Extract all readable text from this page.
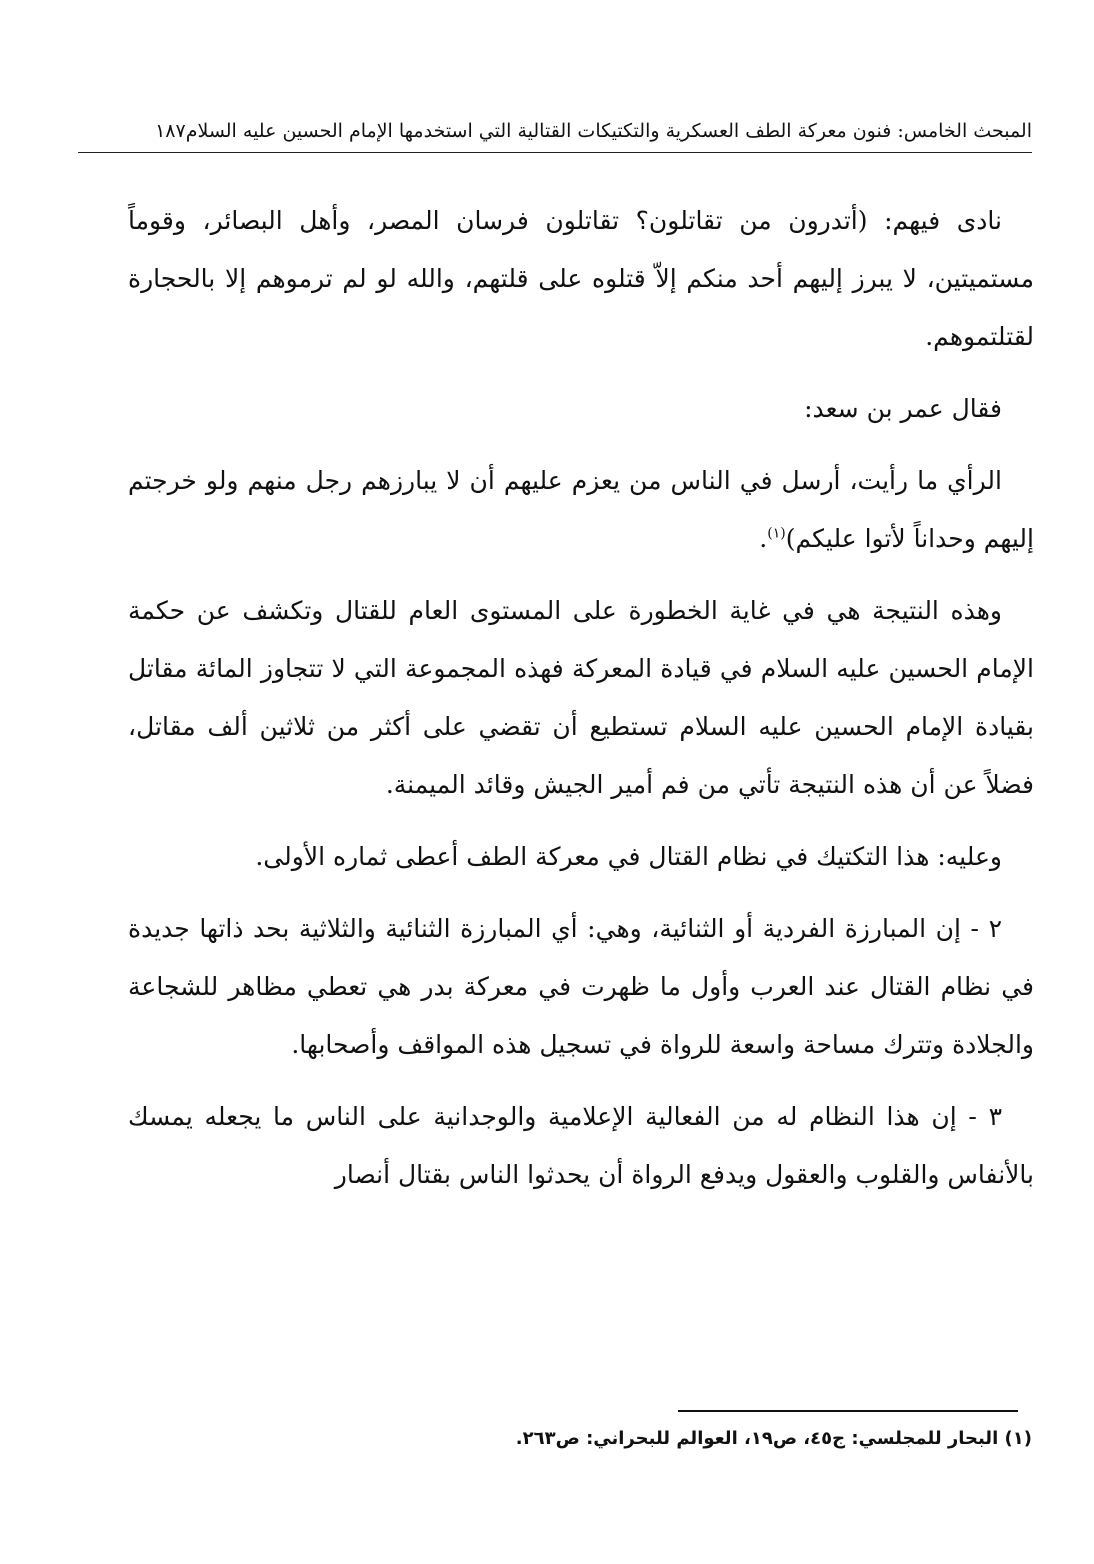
المبحث الخامس: فنون معركة الطف العسكرية والتكتيكات القتالية التي استخدمها الإمام الحسين عليه السلام١٨٧

نادى فيهم: (أتدرون من تقاتلون؟ تقاتلون فرسان المصر، وأهل البصائر، وقوماً مستميتين، لا يبرز إليهم أحد منكم إلاّ قتلوه على قلتهم، والله لو لم ترموهم إلا بالحجارة لقتلتموهم.

فقال عمر بن سعد:

الرأي ما رأيت، أرسل في الناس من يعزم عليهم أن لا يبارزهم رجل منهم ولو خرجتم إليهم وحداناً لأتوا عليكم)$^{(١)}$.

وهذه النتيجة هي في غاية الخطورة على المستوى العام للقتال وتكشف عن حكمة الإمام الحسين عليه السلام في قيادة المعركة فهذه المجموعة التي لا تتجاوز المائة مقاتل بقيادة الإمام الحسين عليه السلام تستطيع أن تقضي على أكثر من ثلاثين ألف مقاتل، فضلاً عن أن هذه النتيجة تأتي من فم أمير الجيش وقائد الميمنة.

وعليه: هذا التكتيك في نظام القتال في معركة الطف أعطى ثماره الأولى.

٢ - إن المبارزة الفردية أو الثنائية، وهي: أي المبارزة الثنائية والثلاثية بحد ذاتها جديدة في نظام القتال عند العرب وأول ما ظهرت في معركة بدر هي تعطي مظاهر للشجاعة والجلادة وتترك مساحة واسعة للرواة في تسجيل هذه المواقف وأصحابها.

٣ - إن هذا النظام له من الفعالية الإعلامية والوجدانية على الناس ما يجعله يمسك بالأنفاس والقلوب والعقول ويدفع الرواة أن يحدثوا الناس بقتال أنصار

(١) البحار للمجلسي: ج٤٥، ص١٩، العوالم للبحراني: ص٢٦٣.
